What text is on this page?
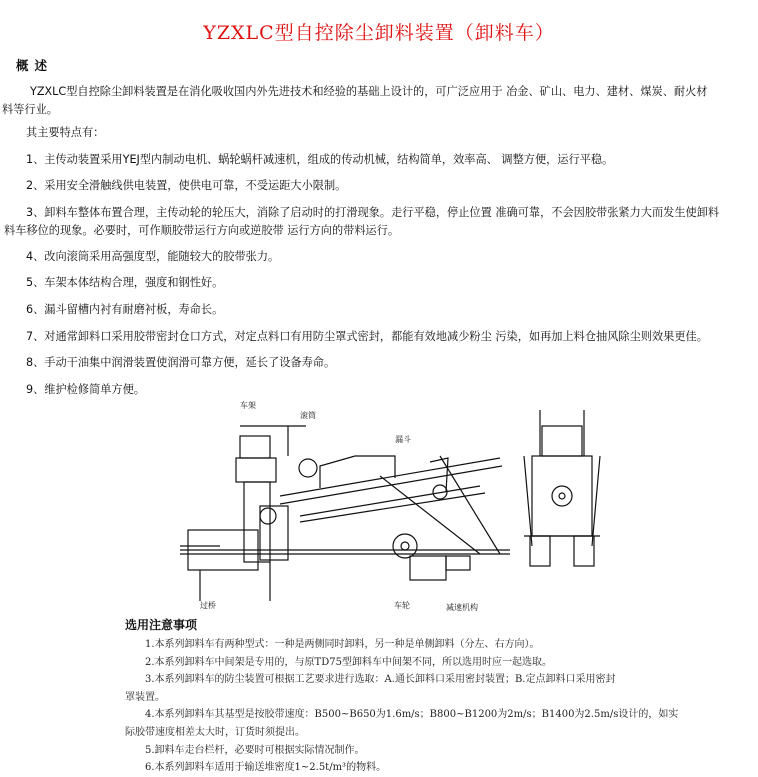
YZXLC型自控除尘卸料装置（卸料车）
概述
YZXLC型自控除尘卸料装置是在消化吸收国内外先进技术和经验的基础上设计的，可广泛应用于 冶金、矿山、电力、建材、煤炭、耐火材
料等行业。
其主要特点有：
1、主传动装置采用YEJ型内制动电机、蜗轮蜗杆减速机，组成的传动机械，结构简单，效率高、 调整方便，运行平稳。
2、采用安全滑触线供电装置，使供电可靠，不受运距大小限制。
3、卸料车整体布置合理，主传动轮的轮压大，消除了启动时的打滑现象。走行平稳，停止位置 准确可靠，不会因胶带张紧力大而发生使卸料
料车移位的现象。必要时，可作顺胶带运行方向或逆胶带 运行方向的带料运行。
4、改向滚筒采用高强度型，能随较大的胶带张力。
5、车架本体结构合理，强度和钢性好。
6、漏斗留槽内衬有耐磨衬板，寿命长。
7、对通常卸料口采用胶带密封仓口方式，对定点料口有用防尘罩式密封，都能有效地减少粉尘 污染，如再加上料仓抽风除尘则效果更佳。
8、手动干油集中润滑装置使润滑可靠方便，延长了设备寿命。
9、维护检修简单方便。
车架
滚筒
漏斗
过桥	车轮	减速机构
选用注意事项
1.本系列卸料车有两种型式：一种是两侧同时卸料，另一种是单侧卸料（分左、右方向）。
2.本系列卸料车中间架是专用的，与原TD75型卸料车中间架不同，所以选用时应一起选取。
3.本系列卸料车的防尘装置可根据工艺要求进行选取：A.通长卸料口采用密封装置；B.定点卸料口采用密封
罩装置。
4.本系列卸料车其基型是按胶带速度：B500~B650为1.6m/s；B800~B1200为2m/s；B1400为2.5m/s设计的，如实
际胶带速度相差太大时，订货时须提出。
5.卸料车走台栏杆，必要时可根据实际情况制作。
6.本系列卸料车适用于输送堆密度1~2.5t/m³的物料。
